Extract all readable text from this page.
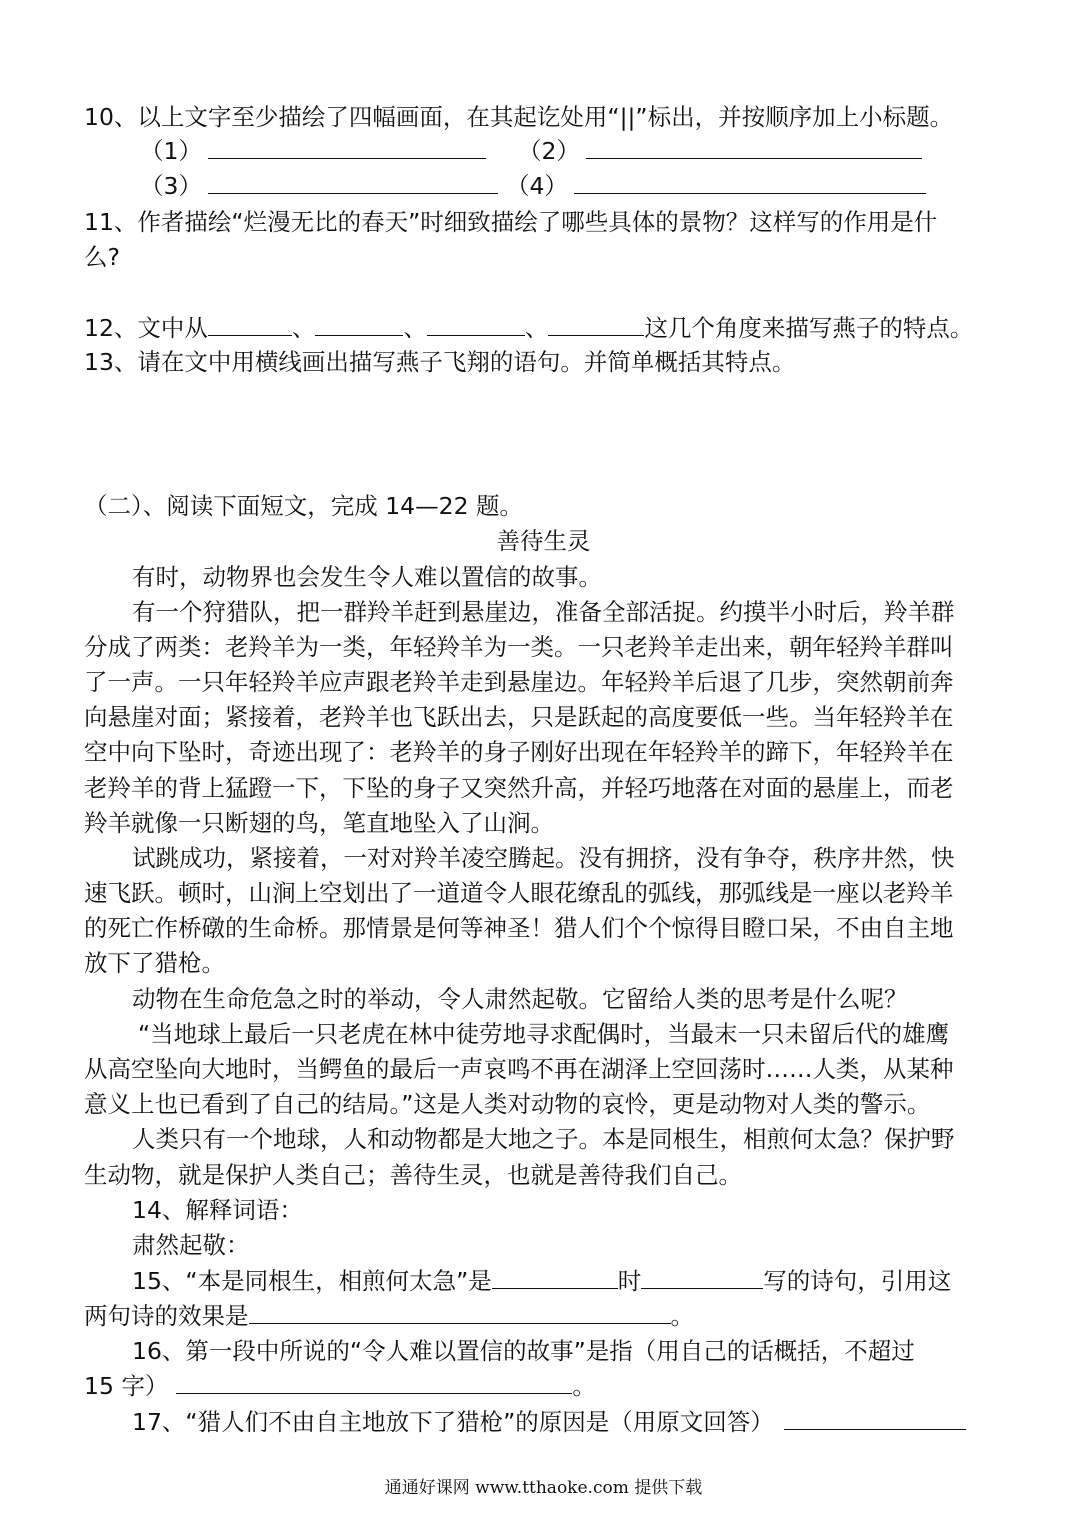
10、以上文字至少描绘了四幅画面，在其起讫处用“||”标出，并按顺序加上小标题。
（1）	（2）
（3）	（4）
11、作者描绘“烂漫无比的春天”时细致描绘了哪些具体的景物？这样写的作用是什
么?
12、文中从	、	、	、	这几个角度来描写燕子的特点。
13、请在文中用横线画出描写燕子飞翔的语句。并简单概括其特点。
（二）、阅读下面短文，完成 14—22 题。
善待生灵
有时，动物界也会发生令人难以置信的故事。
有一个狩猎队，把一群羚羊赶到悬崖边，准备全部活捉。约摸半小时后，羚羊群
分成了两类：老羚羊为一类，年轻羚羊为一类。一只老羚羊走出来，朝年轻羚羊群叫
了一声。一只年轻羚羊应声跟老羚羊走到悬崖边。年轻羚羊后退了几步，突然朝前奔
向悬崖对面；紧接着，老羚羊也飞跃出去，只是跃起的高度要低一些。当年轻羚羊在
空中向下坠时，奇迹出现了：老羚羊的身子刚好出现在年轻羚羊的蹄下，年轻羚羊在
老羚羊的背上猛蹬一下，下坠的身子又突然升高，并轻巧地落在对面的悬崖上，而老
羚羊就像一只断翅的鸟，笔直地坠入了山涧。
试跳成功，紧接着，一对对羚羊凌空腾起。没有拥挤，没有争夺，秩序井然，快
速飞跃。顿时，山涧上空划出了一道道令人眼花缭乱的弧线，那弧线是一座以老羚羊
的死亡作桥礅的生命桥。那情景是何等神圣！猎人们个个惊得目瞪口呆，不由自主地
放下了猎枪。
动物在生命危急之时的举动，令人肃然起敬。它留给人类的思考是什么呢？
“当地球上最后一只老虎在林中徒劳地寻求配偶时，当最末一只未留后代的雄鹰
从高空坠向大地时，当鳄鱼的最后一声哀鸣不再在湖泽上空回荡时……人类，从某种
意义上也已看到了自己的结局。”这是人类对动物的哀怜，更是动物对人类的警示。
人类只有一个地球，人和动物都是大地之子。本是同根生，相煎何太急？保护野
生动物，就是保护人类自己；善待生灵，也就是善待我们自己。
14、解释词语：
肃然起敬：
15、“本是同根生，相煎何太急”是	时	写的诗句，引用这
两句诗的效果是	。
16、第一段中所说的“令人难以置信的故事”是指（用自己的话概括，不超过
15 字）	。
17、“猎人们不由自主地放下了猎枪”的原因是（用原文回答）
通通好课网 www.tthaoke.com 提供下载
